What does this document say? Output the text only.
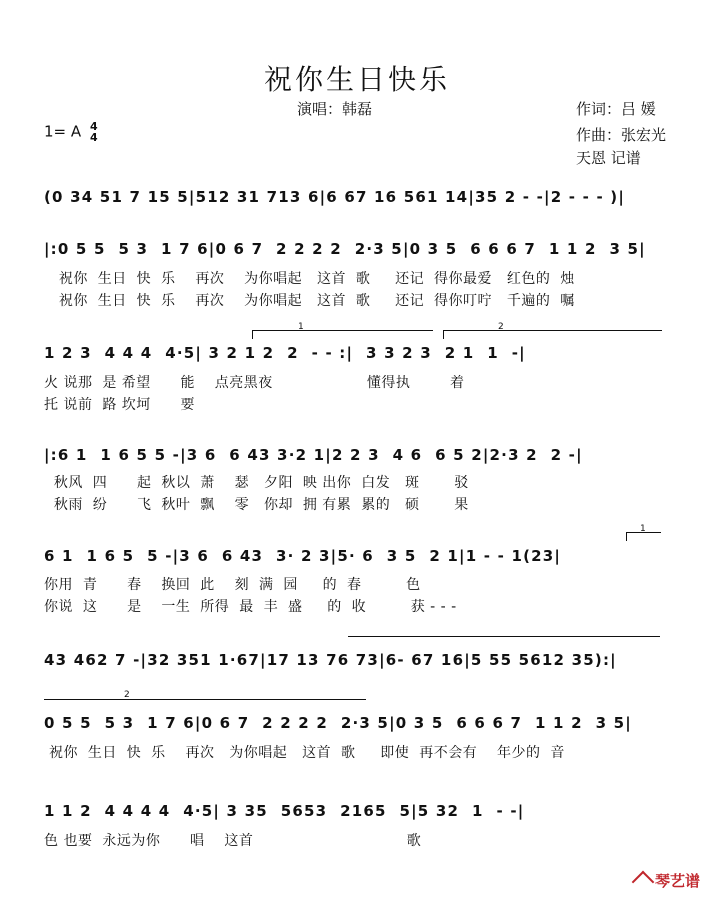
祝你生日快乐
演唱：韩磊	作词：吕 媛
作曲：张宏光
天恩 记谱
1= A 4
4
(0 34 51 7 15 5|512 31 713 6|6 67 16 561 14|35 2 - -|2 - - - )|
|:0 5 5  5 3  1 7 6|0 6 7  2 2 2 2  2·3 5|0 3 5  6 6 6 7  1 1 2  3 5|
祝你  生日  快  乐    再次    为你唱起   这首  歌     还记  得你最爱   红色的  烛
祝你  生日  快  乐    再次    为你唱起   这首  歌     还记  得你叮咛   千遍的  嘱
1	2
1 2 3  4 4 4  4·5| 3 2 1 2  2  - - :|  3 3 2 3  2 1  1  -|
火 说那  是 希望      能    点亮黑夜                   懂得执        着
托 说前  路 坎坷      要
|:6 1  1 6 5 5 -|3 6  6 43 3·2 1|2 2 3  4 6  6 5 2|2·3 2  2 -|
秋风  四      起  秋以  萧    瑟   夕阳  映 出你  白发   斑       驳
秋雨  纷      飞  秋叶  飘    零   你却  拥 有累  累的   硕       果
1
6 1  1 6 5  5 -|3 6  6 43  3· 2 3|5· 6  3 5  2 1|1 - - 1(23|
你用  青      春    换回  此    刻  满  园     的  春         色
你说  这      是    一生  所得  最  丰  盛     的  收         获 - - -
43 462 7 -|32 351 1·67|17 13 76 73|6- 67 16|5 55 5612 35):|
2
0 5 5  5 3  1 7 6|0 6 7  2 2 2 2  2·3 5|0 3 5  6 6 6 7  1 1 2  3 5|
祝你  生日  快  乐    再次   为你唱起   这首  歌     即使  再不会有    年少的  音
1 1 2  4 4 4 4  4·5| 3 35  5653  2165  5|5 32  1  - -|
色 也要  永远为你      唱    这首                               歌
琴艺谱
